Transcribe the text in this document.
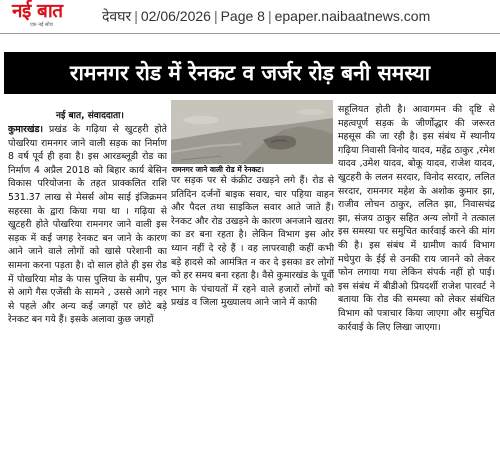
नई बात
एक नई सोच
देवघर | 02/06/2026 | Page 8 | epaper.naibaatnews.com
रामनगर रोड में रेनकट व जर्जर रोड़ बनी समस्या
नई बात, संवाददाता।
कुमारखंड। प्रखंड के गढ़िया से खुटहरी होते पोखरिया रामनगर जाने वाली सड़क का निर्माण 8 वर्ष पूर्व ही हवा है। इस आरडब्लूडी रोड का निर्माण 4 अप्रैल 2018 को बिहार कार्य बेसिन विकास परियोजना के तहत प्राक्कलित राशि 531.37 लाख से मेसर्स ओम साई इंजिक्रमन सहरसा के द्वारा किया गया था । गढ़िया से खुटहरी होते पोखरिया रामनगर जाने वाली इस सड़क में कई जगह रेनकट बन जाने के कारण आने जाने वाले लोगों को खासे परेशानी का सामना करना पड़ता है। दो साल होते ही इस रोड में पोखरिया मोड के पास पुलिया के समीप, पुल से आगे गैस एजेंसी के सामने , उससे आगे नहर से पहले और अन्य कई जगहों पर छोटे बड़े रेनकट बन गये हैं। इसके अलावा कुछ जगहों
रामनगर जाने वाली रोड में रेनकट।
पर सड़क पर से कंक्रीट उखड़ने लगे हैं। रोड से प्रतिदिन दर्जनों बाइक सवार, चार पहिया वाहन और पैदल तथा साइकिल सवार आते जाते हैं। रेनकट और रोड उखड़ने के कारण अनजाने खतरा का डर बना रहता है। लेकिन विभाग इस ओर ध्यान नहीं दे रहे हैं । वह लापरवाही कहीं कभी बड़े हादसे को आमंत्रित न कर दे इसका डर लोगों को हर समय बना रहता है। वैसे कुमारखंड के पूर्वी भाग के पंचायतों में रहने वाले हजारों लोगों को प्रखंड व जिला मुख्यालय आने जाने में काफी
सहूलियत होती है। आवागमन की दृष्टि से महत्वपूर्ण सड़क के जीर्णोद्धार की जरूरत महसूस की जा रही है। इस संबंध में स्थानीय गढ़िया निवासी विनोद यादव, महेंद्र ठाकुर ,रमेश यादव ,उमेश यादव, बोकू यादव, राजेश यादव, खुटहरी के ललन सरदार, विनोद सरदार, ललित सरदार, रामनगर महेश के अशोक कुमार झा, राजीव लोचन ठाकुर, ललित झा, निवासचंद्र झा, संजय ठाकुर सहित अन्य लोगों ने तत्काल इस समस्या पर समुचित कार्रवाई करने की मांग की है। इस संबंध में ग्रामीण कार्य विभाग मधेपुरा के ईई से उनकी राय जानने को लेकर फोन लगाया गया लेकिन संपर्क नहीं हो पाई। इस संबंध में बीडीओ प्रियदर्शी राजेश पारवर्ट ने बताया कि रोड की समस्या को लेकर संबंधित विभाग को पत्राचार किया जाएगा और समुचित कार्रवाई के लिए लिखा जाएगा।
